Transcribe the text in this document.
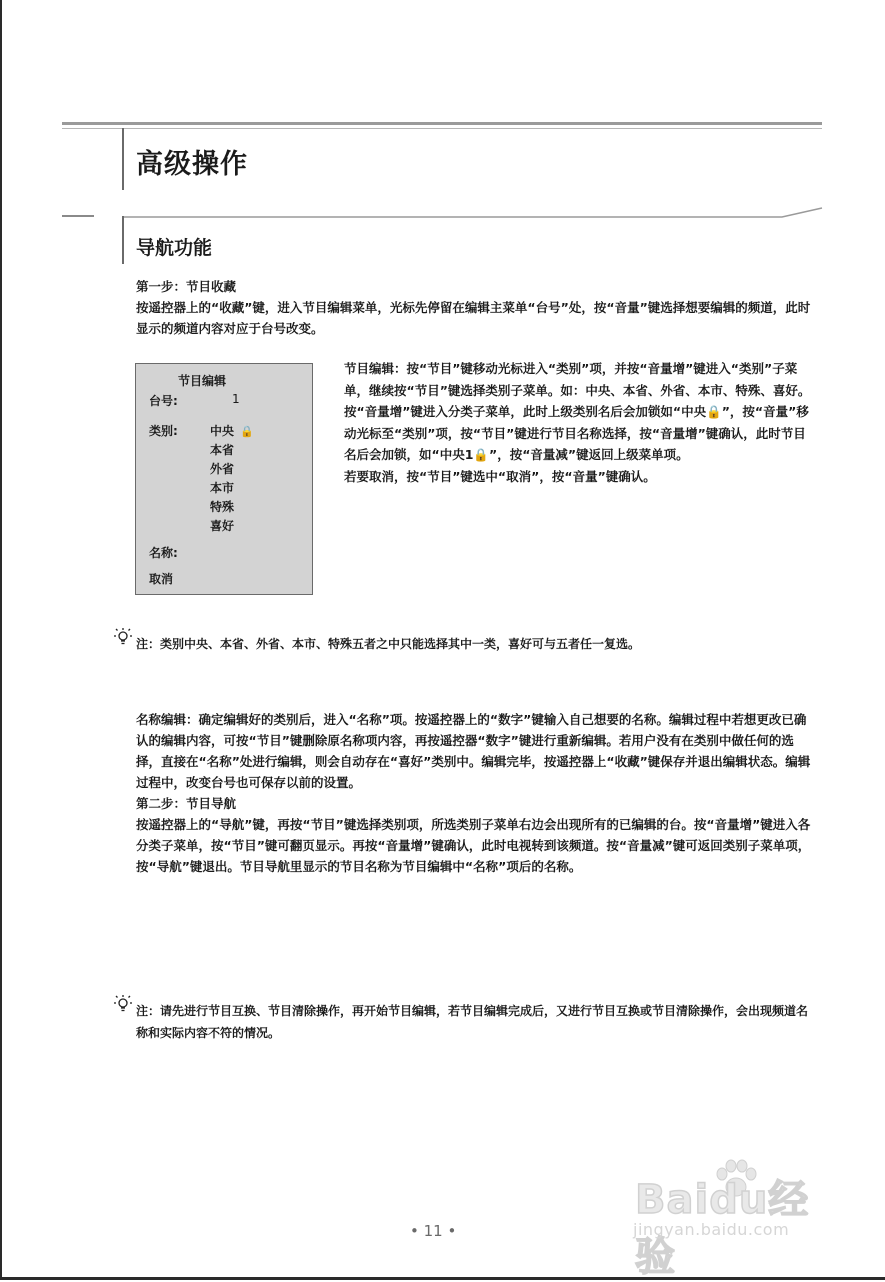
高级操作
导航功能
第一步：节目收藏
按遥控器上的“收藏”键，进入节目编辑菜单，光标先停留在编辑主菜单“台号”处，按“音量”键选择想要编辑的频道，此时显示的频道内容对应于台号改变。
节目编辑
台号:	1
类别:	中央 🔒
本省
外省
本市
特殊
喜好
名称:
取消
节目编辑：按“节目”键移动光标进入“类别”项，并按“音量增”键进入“类别”子菜单，继续按“节目”键选择类别子菜单。如：中央、本省、外省、本市、特殊、喜好。按“音量增”键进入分类子菜单，此时上级类别名后会加锁如“中央🔒”，按“音量”移动光标至“类别”项，按“节目”键进行节目名称选择，按“音量增”键确认，此时节目名后会加锁，如“中央1🔒”，按“音量减”键返回上级菜单项。
若要取消，按“节目”键选中“取消”，按“音量”键确认。
注：类别中央、本省、外省、本市、特殊五者之中只能选择其中一类，喜好可与五者任一复选。
名称编辑：确定编辑好的类别后，进入“名称”项。按遥控器上的“数字”键输入自己想要的名称。编辑过程中若想更改已确认的编辑内容，可按“节目”键删除原名称项内容，再按遥控器“数字”键进行重新编辑。若用户没有在类别中做任何的选择，直接在“名称”处进行编辑，则会自动存在“喜好”类别中。编辑完毕，按遥控器上“收藏”键保存并退出编辑状态。编辑过程中，改变台号也可保存以前的设置。
第二步：节目导航
按遥控器上的“导航”键，再按“节目”键选择类别项，所选类别子菜单右边会出现所有的已编辑的台。按“音量增”键进入各分类子菜单，按“节目”键可翻页显示。再按“音量增”键确认，此时电视转到该频道。按“音量减”键可返回类别子菜单项，按“导航”键退出。节目导航里显示的节目名称为节目编辑中“名称”项后的名称。
注：请先进行节目互换、节目清除操作，再开始节目编辑，若节目编辑完成后，又进行节目互换或节目清除操作，会出现频道名称和实际内容不符的情况。
Baidu经验
jingyan.baidu.com
• 11 •
